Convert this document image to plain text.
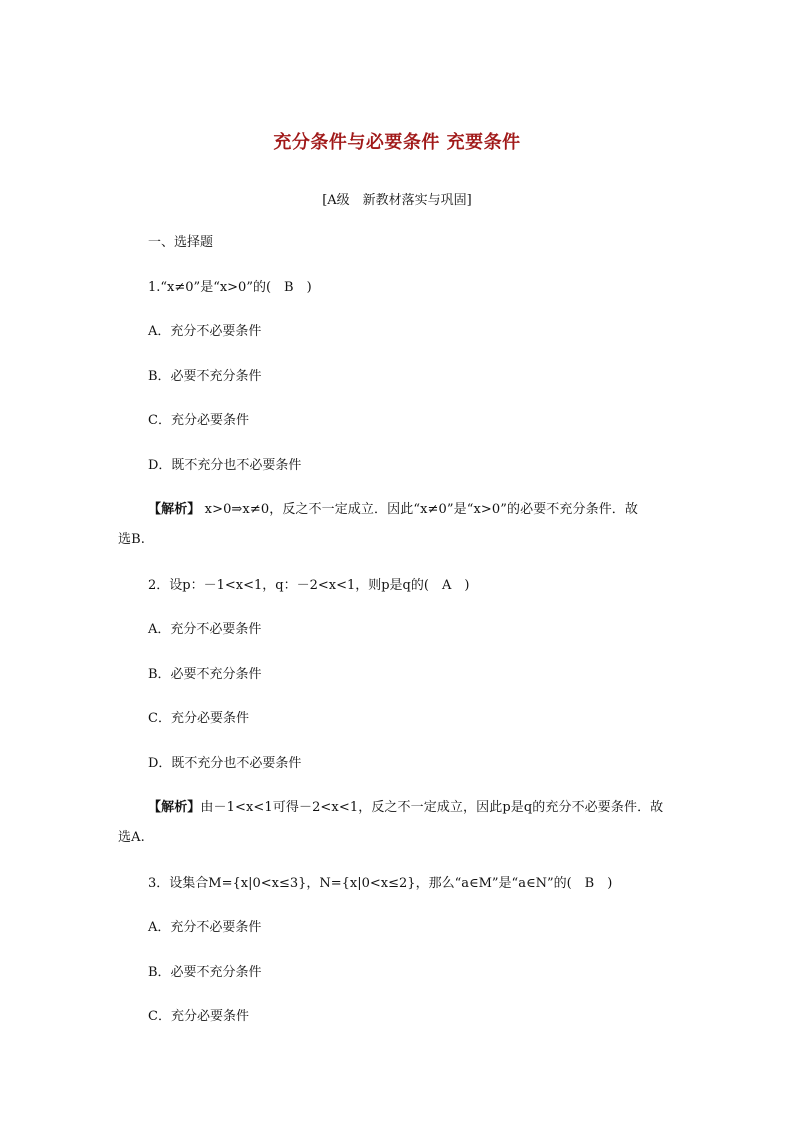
充分条件与必要条件 充要条件
[A级　新教材落实与巩固]
一、选择题
1.“x≠0”是“x>0”的(　B　)
A．充分不必要条件
B．必要不充分条件
C．充分必要条件
D．既不充分也不必要条件
【解析】 x>0⇒x≠0，反之不一定成立．因此“x≠0”是“x>0”的必要不充分条件．故
选B.
2．设p：－1<x<1，q：－2<x<1，则p是q的(　A　)
A．充分不必要条件
B．必要不充分条件
C．充分必要条件
D．既不充分也不必要条件
【解析】由－1<x<1可得－2<x<1，反之不一定成立，因此p是q的充分不必要条件．故
选A.
3．设集合M={x|0<x≤3}，N={x|0<x≤2}，那么“a∈M”是“a∈N”的(　B　)
A．充分不必要条件
B．必要不充分条件
C．充分必要条件
